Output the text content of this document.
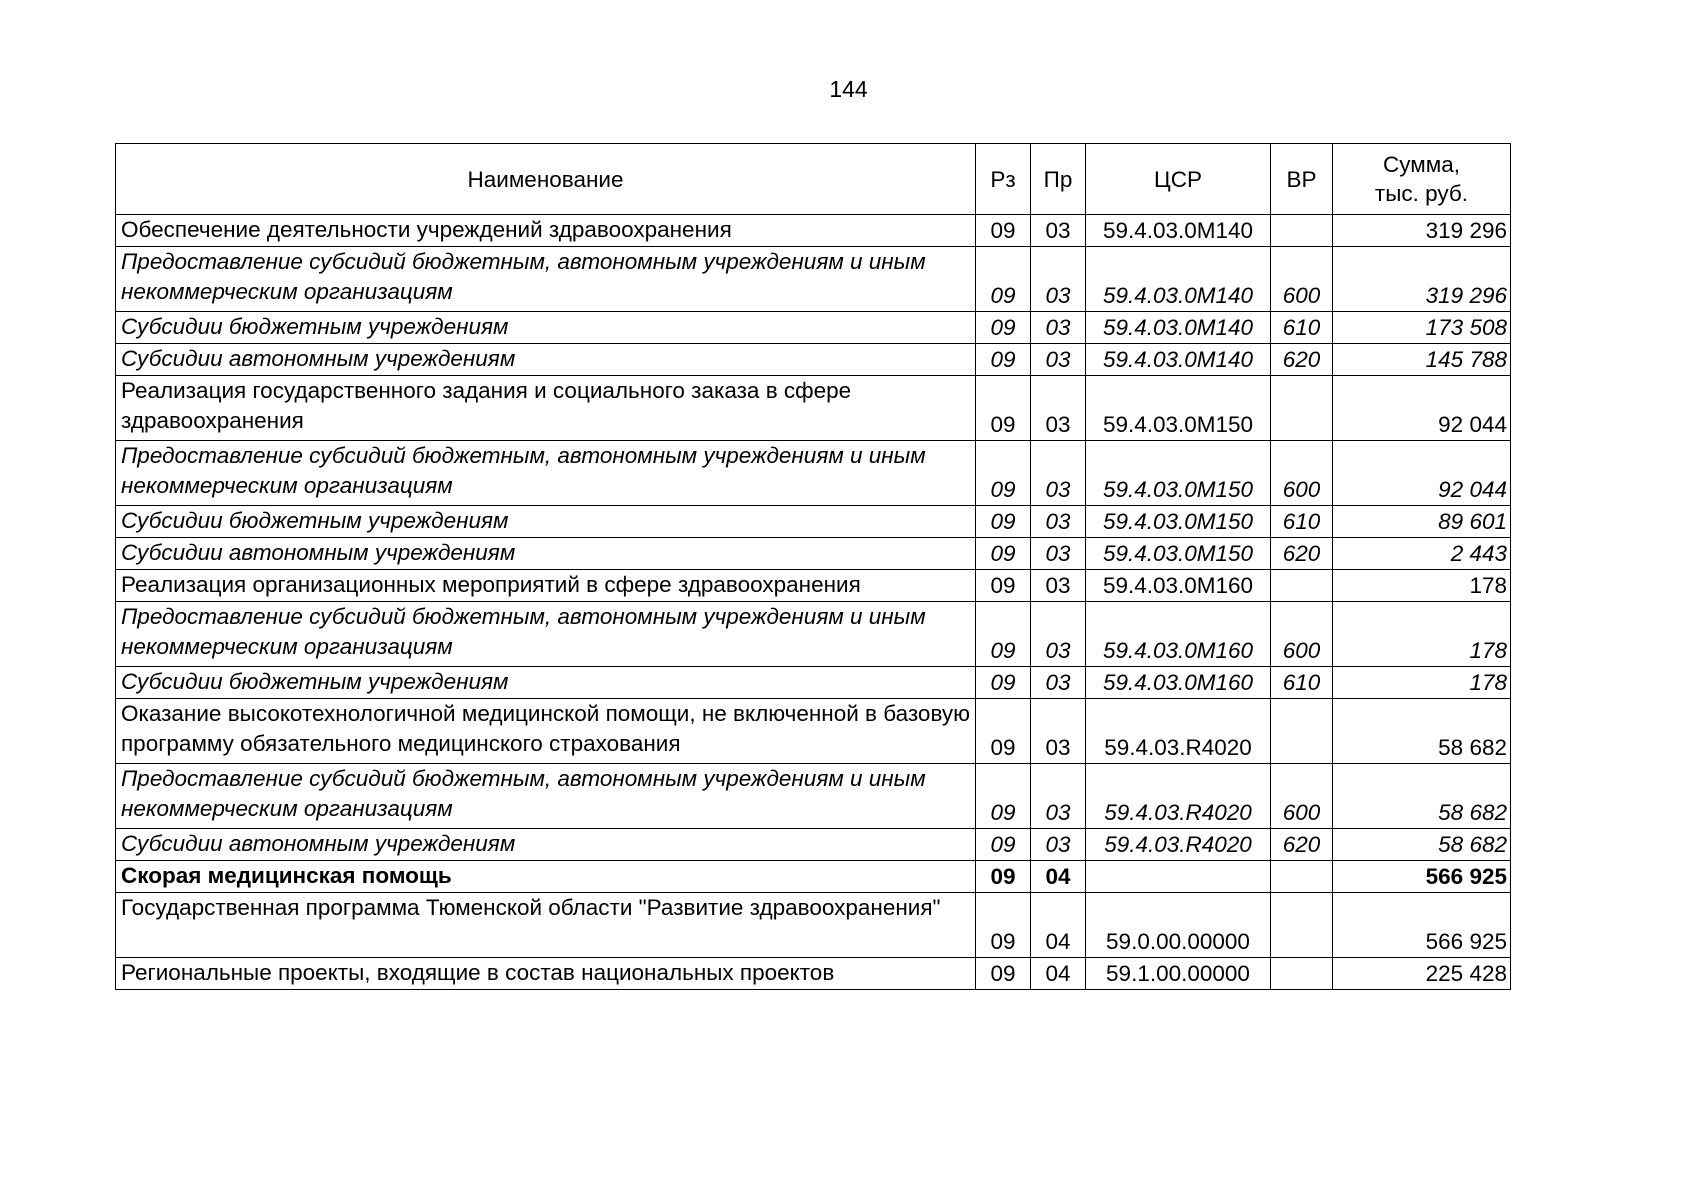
144
Наименование	Рз	Пр	ЦСР	ВР	Сумма,
тыс. руб.
Обеспечение деятельности учреждений здравоохранения	09	03	59.4.03.0М140		319 296
Предоставление субсидий бюджетным, автономным учреждениям и иным некоммерческим организациям	09	03	59.4.03.0М140	600	319 296
Субсидии бюджетным учреждениям	09	03	59.4.03.0М140	610	173 508
Субсидии автономным учреждениям	09	03	59.4.03.0М140	620	145 788
Реализация государственного задания и социального заказа в сфере здравоохранения	09	03	59.4.03.0М150		92 044
Предоставление субсидий бюджетным, автономным учреждениям и иным некоммерческим организациям	09	03	59.4.03.0М150	600	92 044
Субсидии бюджетным учреждениям	09	03	59.4.03.0М150	610	89 601
Субсидии автономным учреждениям	09	03	59.4.03.0М150	620	2 443
Реализация организационных мероприятий в сфере здравоохранения	09	03	59.4.03.0М160		178
Предоставление субсидий бюджетным, автономным учреждениям и иным некоммерческим организациям	09	03	59.4.03.0М160	600	178
Субсидии бюджетным учреждениям	09	03	59.4.03.0М160	610	178
Оказание высокотехнологичной медицинской помощи, не включенной в базовую программу обязательного медицинского страхования	09	03	59.4.03.R4020		58 682
Предоставление субсидий бюджетным, автономным учреждениям и иным некоммерческим организациям	09	03	59.4.03.R4020	600	58 682
Субсидии автономным учреждениям	09	03	59.4.03.R4020	620	58 682
Скорая медицинская помощь	09	04			566 925
Государственная программа Тюменской области "Развитие здравоохранения"	09	04	59.0.00.00000		566 925
Региональные проекты, входящие в состав национальных проектов	09	04	59.1.00.00000		225 428
